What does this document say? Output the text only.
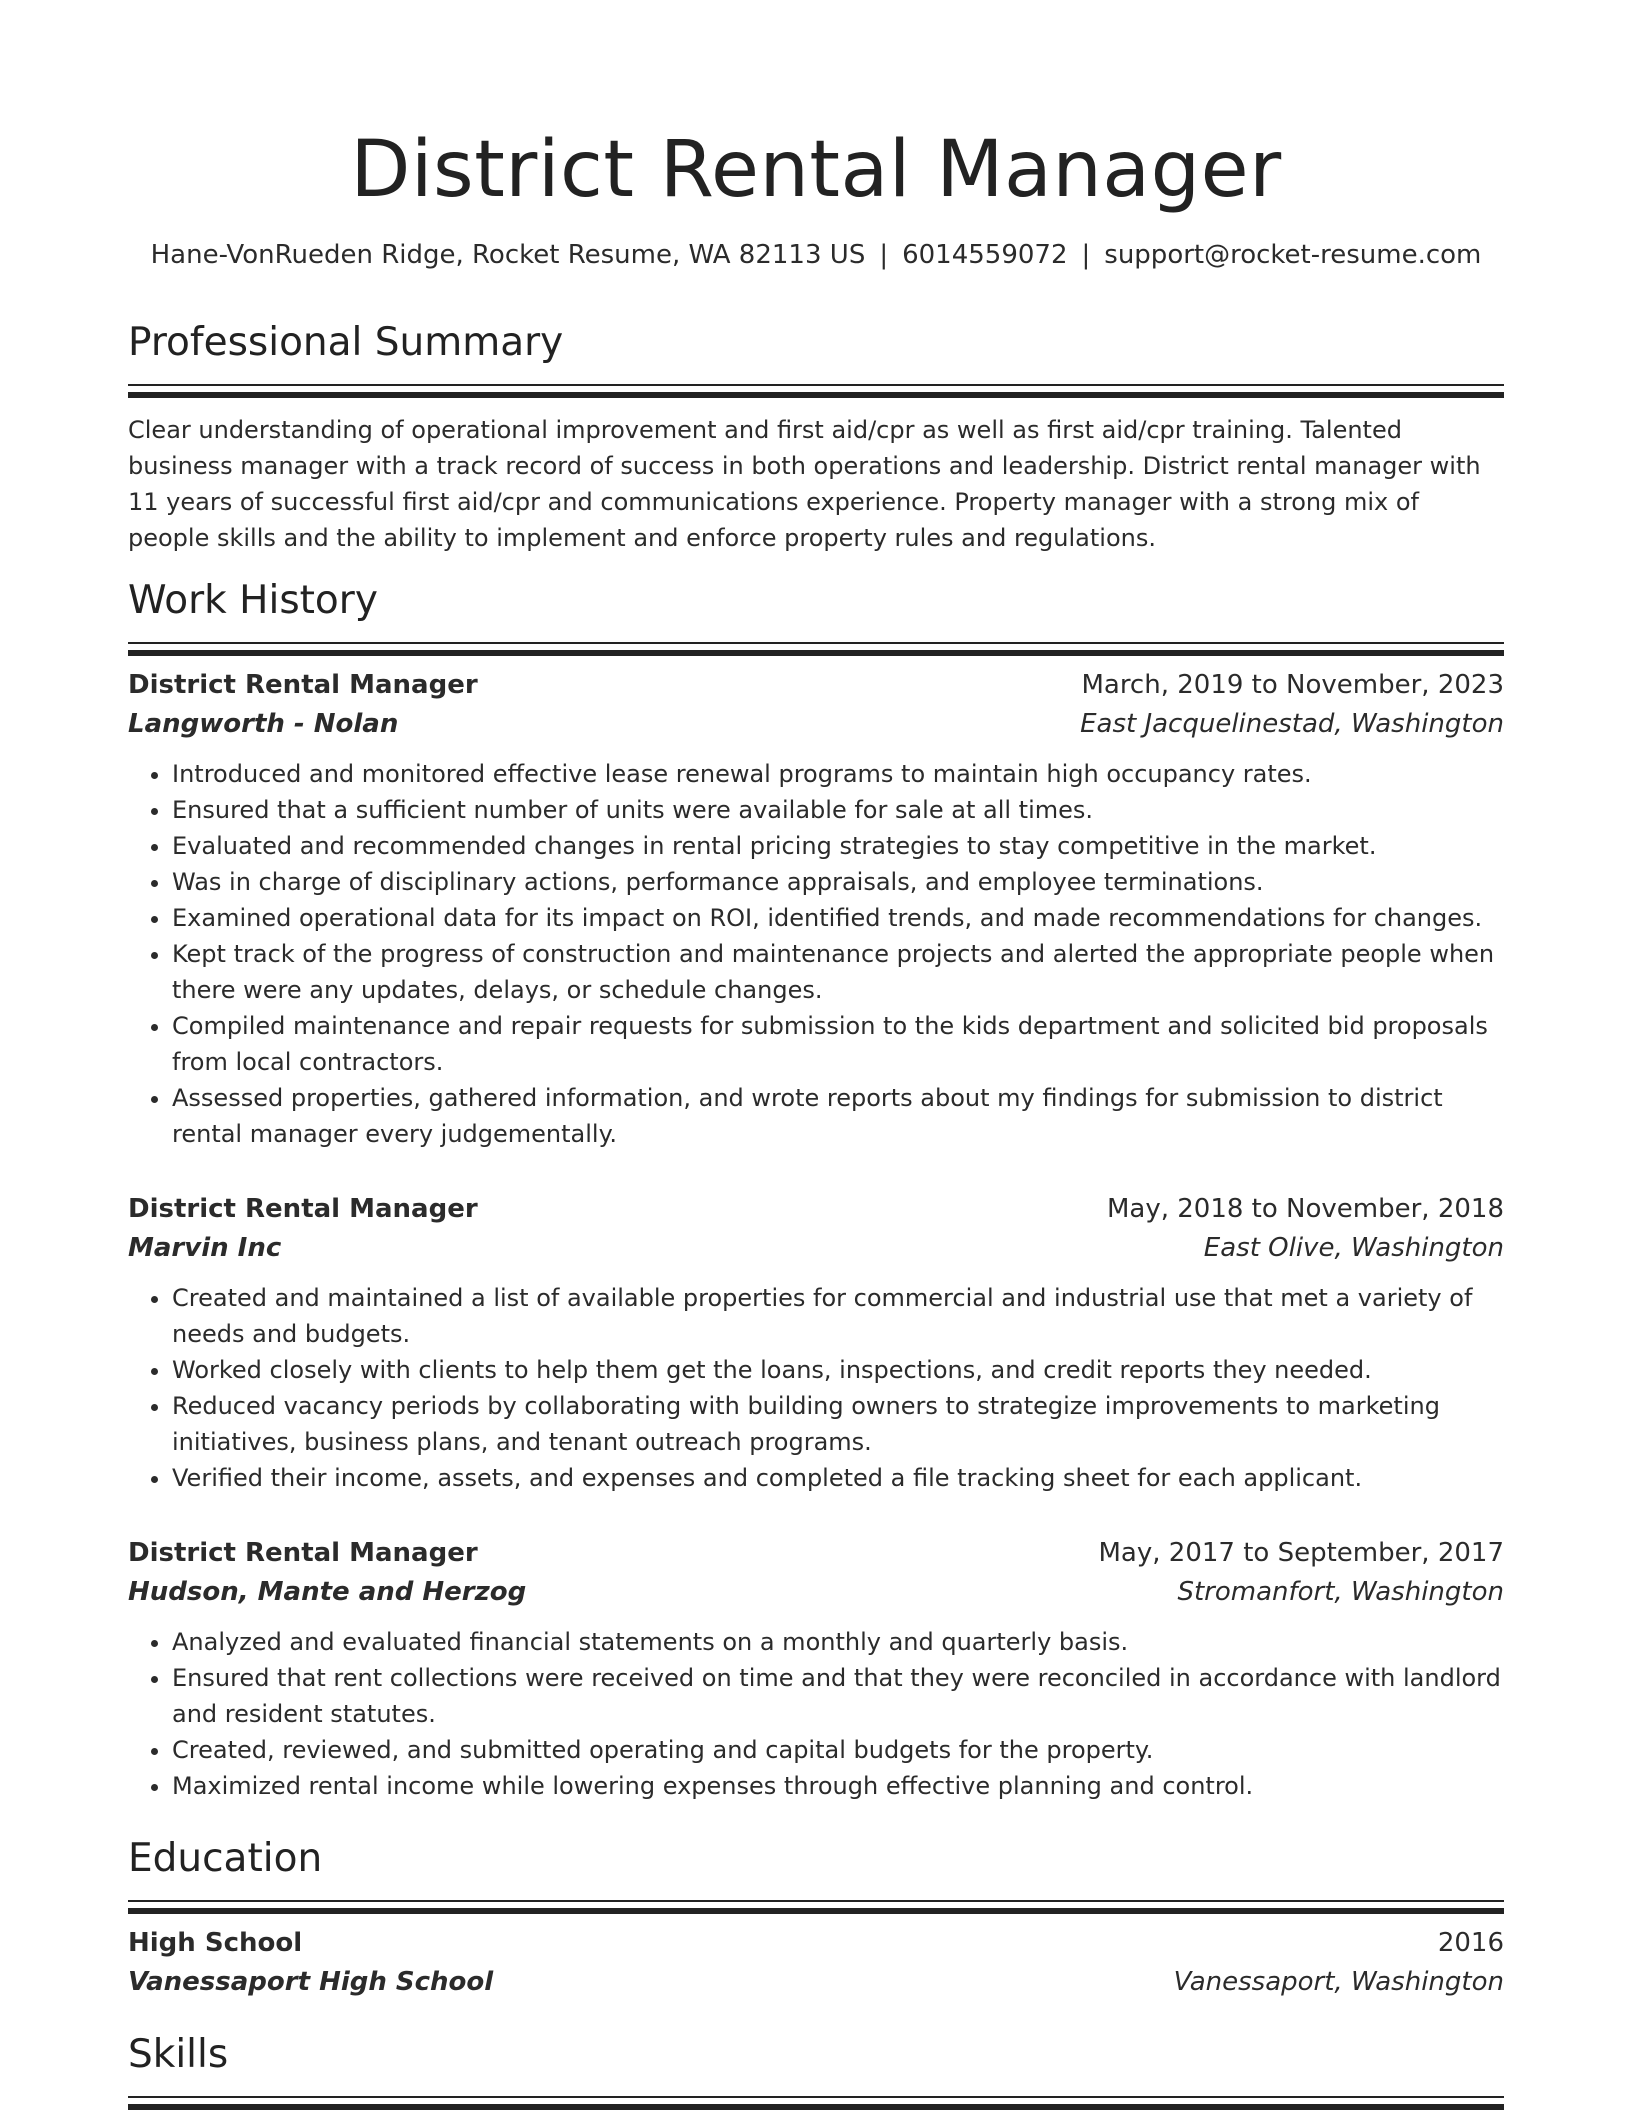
District Rental Manager
Hane-VonRueden Ridge, Rocket Resume, WA 82113 US | 6014559072 | support@rocket-resume.com
Professional Summary

Clear understanding of operational improvement and first aid/cpr as well as first aid/cpr training. Talented business manager with a track record of success in both operations and leadership. District rental manager with 11 years of successful first aid/cpr and communications experience. Property manager with a strong mix of people skills and the ability to implement and enforce property rules and regulations.

Work History
District Rental Manager	March, 2019 to November, 2023
Langworth - Nolan	East Jacquelinestad, Washington
• Introduced and monitored effective lease renewal programs to maintain high occupancy rates.
• Ensured that a sufficient number of units were available for sale at all times.
• Evaluated and recommended changes in rental pricing strategies to stay competitive in the market.
• Was in charge of disciplinary actions, performance appraisals, and employee terminations.
• Examined operational data for its impact on ROI, identified trends, and made recommendations for changes.
• Kept track of the progress of construction and maintenance projects and alerted the appropriate people when there were any updates, delays, or schedule changes.
• Compiled maintenance and repair requests for submission to the kids department and solicited bid proposals from local contractors.
• Assessed properties, gathered information, and wrote reports about my findings for submission to district rental manager every judgementally.
District Rental Manager	May, 2018 to November, 2018
Marvin Inc	East Olive, Washington
• Created and maintained a list of available properties for commercial and industrial use that met a variety of needs and budgets.
• Worked closely with clients to help them get the loans, inspections, and credit reports they needed.
• Reduced vacancy periods by collaborating with building owners to strategize improvements to marketing initiatives, business plans, and tenant outreach programs.
• Verified their income, assets, and expenses and completed a file tracking sheet for each applicant.
District Rental Manager	May, 2017 to September, 2017
Hudson, Mante and Herzog	Stromanfort, Washington
• Analyzed and evaluated financial statements on a monthly and quarterly basis.
• Ensured that rent collections were received on time and that they were reconciled in accordance with landlord and resident statutes.
• Created, reviewed, and submitted operating and capital budgets for the property.
• Maximized rental income while lowering expenses through effective planning and control.
Education
High School	2016
Vanessaport High School	Vanessaport, Washington
Skills
